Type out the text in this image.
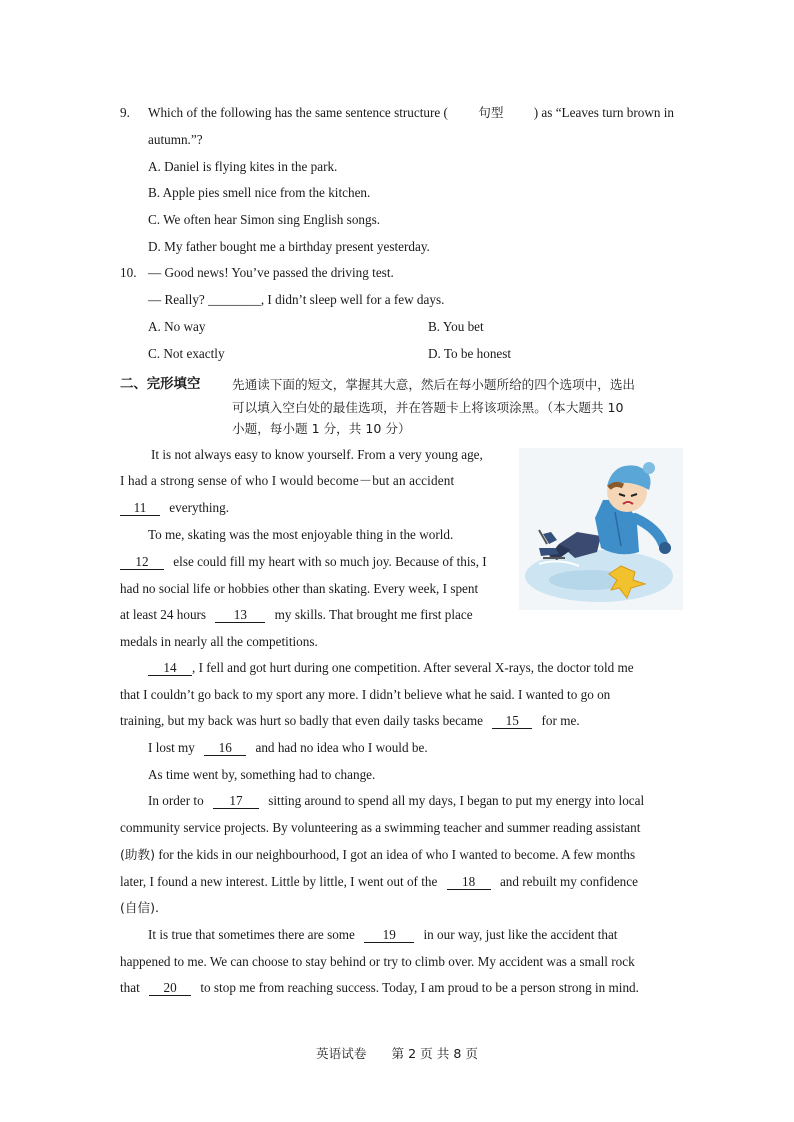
9. Which of the following has the same sentence structure ( 句型 ) as “Leaves turn brown in
autumn.”?
A. Daniel is flying kites in the park.
B. Apple pies smell nice from the kitchen.
C. We often hear Simon sing English songs.
D. My father bought me a birthday present yesterday.
10. — Good news! You’ve passed the driving test.
— Really? ________, I didn’t sleep well for a few days.
A. No way	B. You bet
C. Not exactly	D. To be honest
二、完形填空	先通读下面的短文，掌握其大意，然后在每小题所给的四个选项中，选出
可以填入空白处的最佳选项，并在答题卡上将该项涂黑。（本大题共 10
小题，每小题 1 分，共 10 分）
It is not always easy to know yourself. From a very young age,
I had a strong sense of who I would become－but an accident
11 everything.
To me, skating was the most enjoyable thing in the world.
12 else could fill my heart with so much joy. Because of this, I
had no social life or hobbies other than skating. Every week, I spent
at least 24 hours 13 my skills. That brought me first place
medals in nearly all the competitions.
14 , I fell and got hurt during one competition. After several X-rays, the doctor told me
that I couldn’t go back to my sport any more. I didn’t believe what he said. I wanted to go on
training, but my back was hurt so badly that even daily tasks became 15 for me.
I lost my 16 and had no idea who I would be.
As time went by, something had to change.
In order to 17 sitting around to spend all my days, I began to put my energy into local
community service projects. By volunteering as a swimming teacher and summer reading assistant
(助教) for the kids in our neighbourhood, I got an idea of who I wanted to become. A few months
later, I found a new interest. Little by little, I went out of the 18 and rebuilt my confidence
(自信).
It is true that sometimes there are some 19 in our way, just like the accident that
happened to me. We can choose to stay behind or try to climb over. My accident was a small rock
that 20 to stop me from reaching success. Today, I am proud to be a person strong in mind.
英语试卷 第 2 页 共 8 页
